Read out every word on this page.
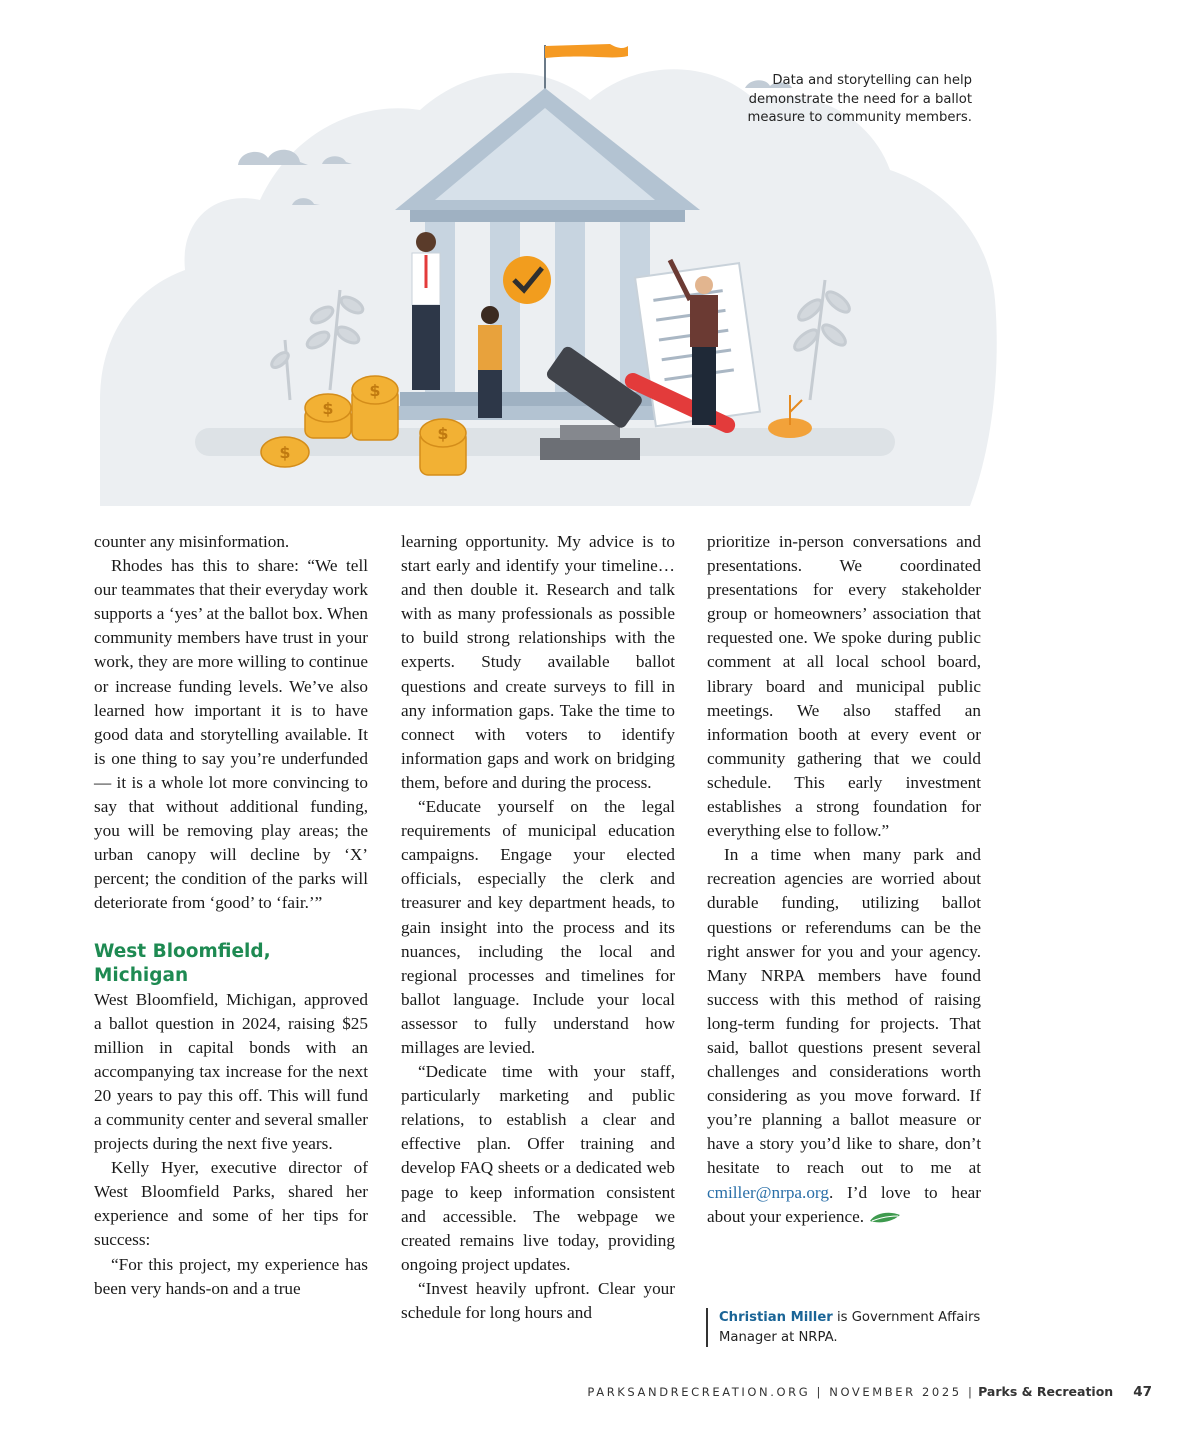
$
$
$
$
Data and storytelling can help demonstrate the need for a ballot measure to community members.

counter any misinformation.

Rhodes has this to share: “We tell our teammates that their everyday work supports a ‘yes’ at the ballot box. When community members have trust in your work, they are more willing to continue or increase funding levels. We’ve also learned how important it is to have good data and storytelling available. It is one thing to say you’re underfunded — it is a whole lot more convincing to say that without additional funding, you will be removing play areas; the urban canopy will decline by ‘X’ percent; the condition of the parks will deteriorate from ‘good’ to ‘fair.’”

West Bloomfield, Michigan

West Bloomfield, Michigan, approved a ballot question in 2024, raising $25 million in capital bonds with an accompanying tax increase for the next 20 years to pay this off. This will fund a community center and several smaller projects during the next five years.

Kelly Hyer, executive director of West Bloomfield Parks, shared her experience and some of her tips for success:

“For this project, my experience has been very hands-on and a true

learning opportunity. My advice is to start early and identify your timeline…and then double it. Research and talk with as many professionals as possible to build strong relationships with the experts. Study available ballot questions and create surveys to fill in any information gaps. Take the time to connect with voters to identify information gaps and work on bridging them, before and during the process.

“Educate yourself on the legal requirements of municipal education campaigns. Engage your elected officials, especially the clerk and treasurer and key department heads, to gain insight into the process and its nuances, including the local and regional processes and timelines for ballot language. Include your local assessor to fully understand how millages are levied.

“Dedicate time with your staff, particularly marketing and public relations, to establish a clear and effective plan. Offer training and develop FAQ sheets or a dedicated web page to keep information consistent and accessible. The webpage we created remains live today, providing ongoing project updates.

“Invest heavily upfront. Clear your schedule for long hours and

prioritize in-person conversations and presentations. We coordinated presentations for every stakeholder group or homeowners’ association that requested one. We spoke during public comment at all local school board, library board and municipal public meetings. We also staffed an information booth at every event or community gathering that we could schedule. This early investment establishes a strong foundation for everything else to follow.”

In a time when many park and recreation agencies are worried about durable funding, utilizing ballot questions or referendums can be the right answer for you and your agency. Many NRPA members have found success with this method of raising long-term funding for projects. That said, ballot questions present several challenges and considerations worth considering as you move forward. If you’re planning a ballot measure or have a story you’d like to share, don’t hesitate to reach out to me at cmiller@nrpa.org. I’d love to hear about your experience.

Christian Miller is Government Affairs Manager at NRPA.
PARKSANDRECREATION.ORG | NOVEMBER 2025 | Parks & Recreation 47
